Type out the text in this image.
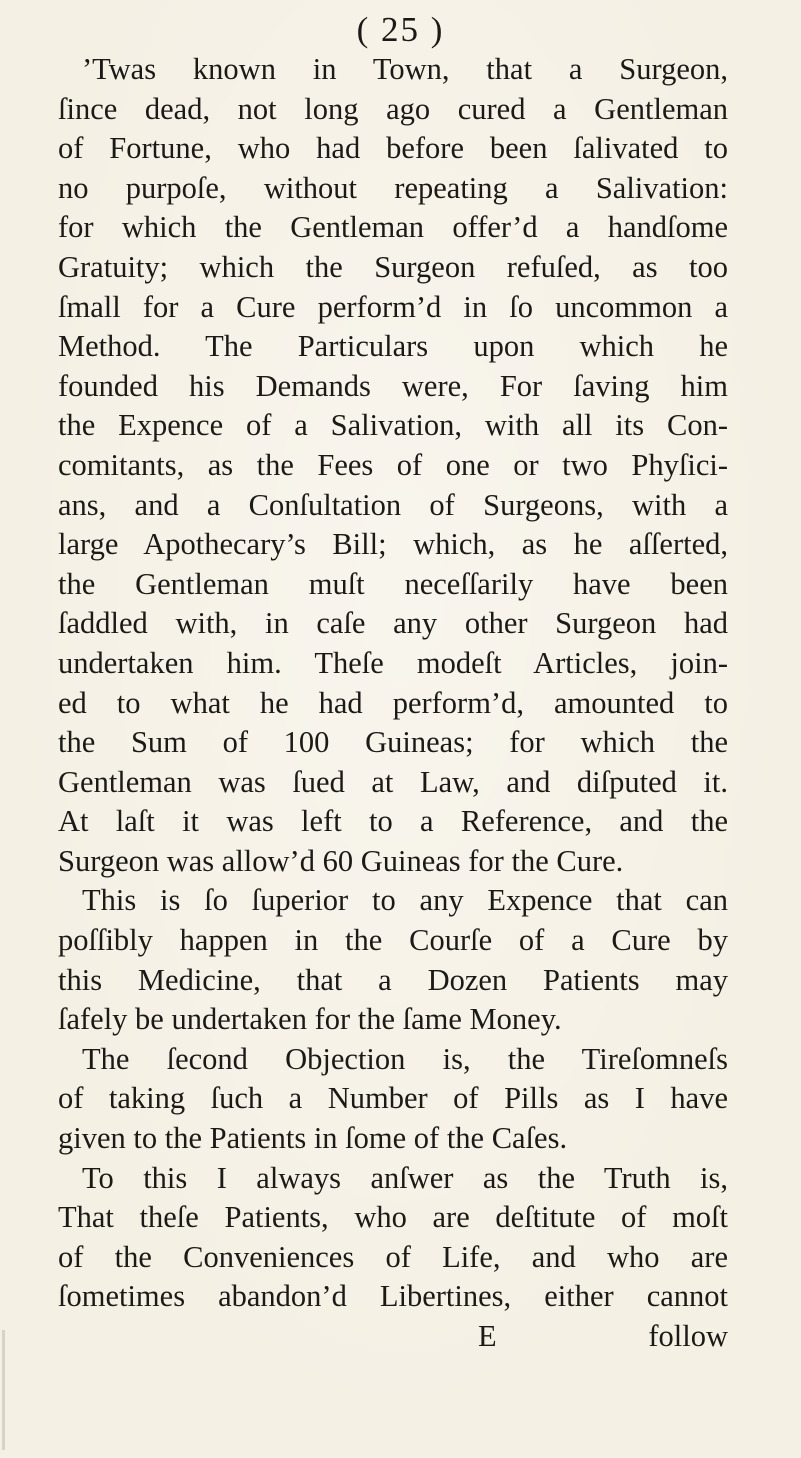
( 25 )
’Twas known in Town, that a Surgeon,
ſince dead, not long ago cured a Gentleman
of Fortune, who had before been ſalivated to
no purpoſe, without repeating a Salivation:
for which the Gentleman offer’d a handſome
Gratuity; which the Surgeon refuſed, as too
ſmall for a Cure perform’d in ſo uncommon a
Method. The Particulars upon which he
founded his Demands were, For ſaving him
the Expence of a Salivation, with all its Con-
comitants, as the Fees of one or two Phyſici-
ans, and a Conſultation of Surgeons, with a
large Apothecary’s Bill; which, as he aſſerted,
the Gentleman muſt neceſſarily have been
ſaddled with, in caſe any other Surgeon had
undertaken him. Theſe modeſt Articles, join-
ed to what he had perform’d, amounted to
the Sum of 100 Guineas; for which the
Gentleman was ſued at Law, and diſputed it.
At laſt it was left to a Reference, and the
Surgeon was allow’d 60 Guineas for the Cure.
This is ſo ſuperior to any Expence that can
poſſibly happen in the Courſe of a Cure by
this Medicine, that a Dozen Patients may
ſafely be undertaken for the ſame Money.
The ſecond Objection is, the Tireſomneſs
of taking ſuch a Number of Pills as I have
given to the Patients in ſome of the Caſes.
To this I always anſwer as the Truth is,
That theſe Patients, who are deſtitute of moſt
of the Conveniences of Life, and who are
ſometimes abandon’d Libertines, either cannot
E	follow
